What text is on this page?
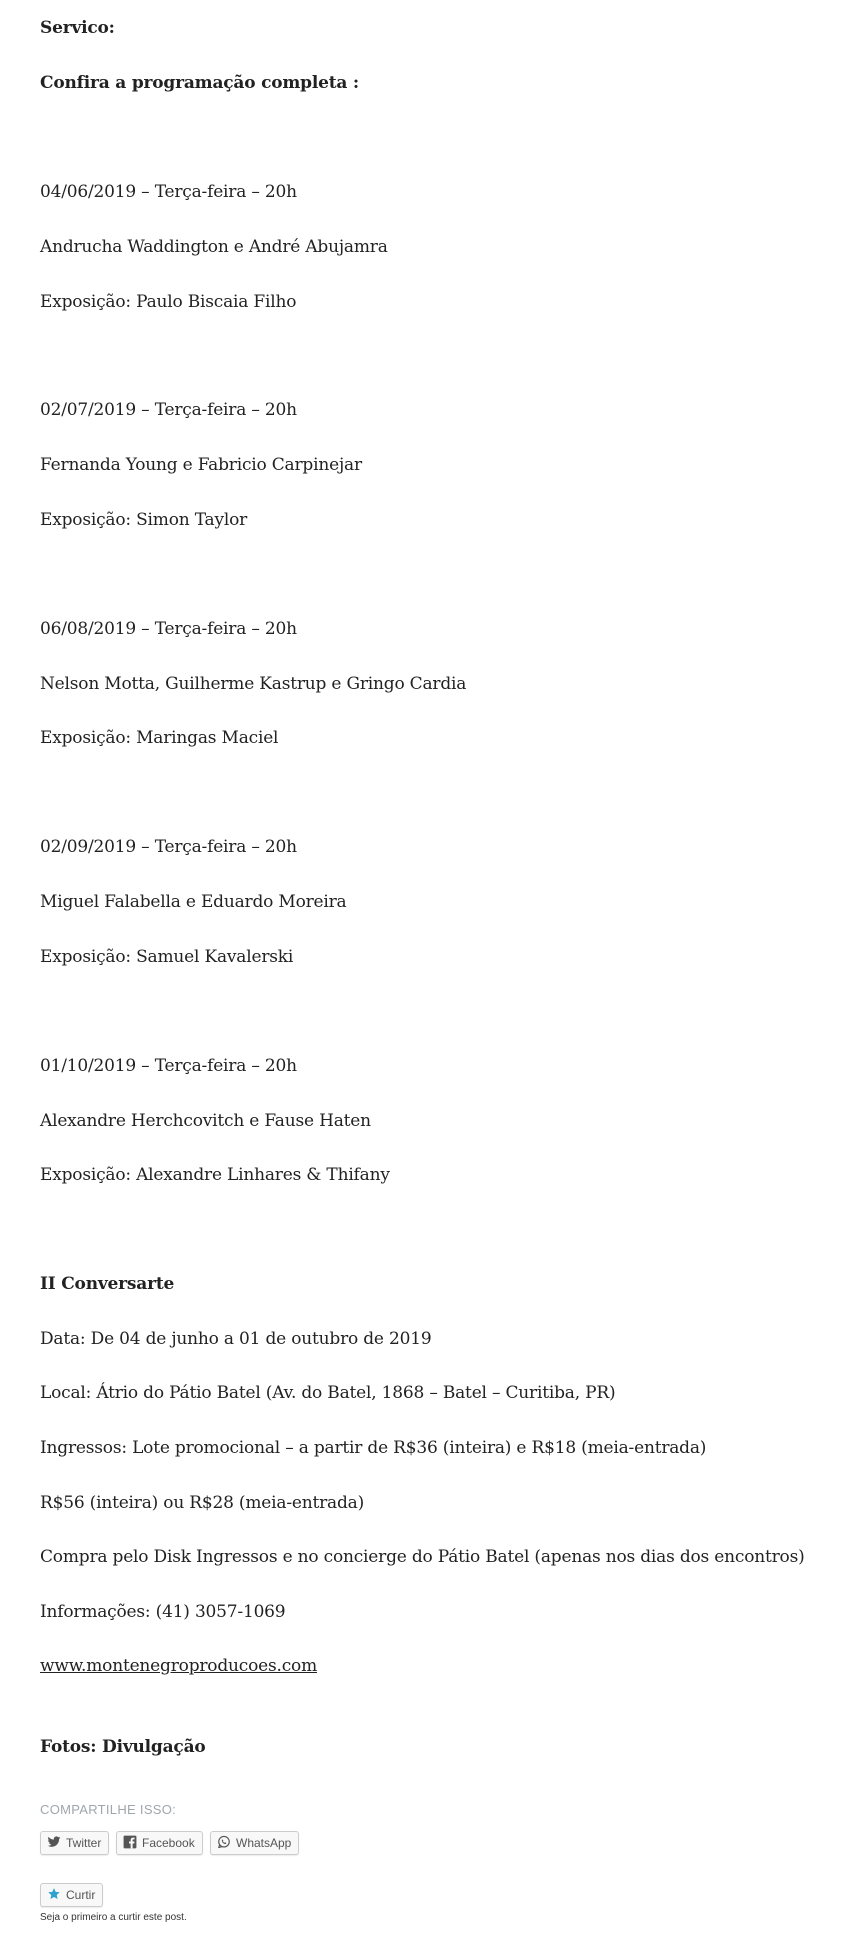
Servico:

Confira a programação completa :

04/06/2019 – Terça-feira – 20h

Andrucha Waddington e André Abujamra

Exposição: Paulo Biscaia Filho

02/07/2019 – Terça-feira – 20h

Fernanda Young e Fabricio Carpinejar

Exposição: Simon Taylor

06/08/2019 – Terça-feira – 20h

Nelson Motta, Guilherme Kastrup e Gringo Cardia

Exposição: Maringas Maciel

02/09/2019 – Terça-feira – 20h

Miguel Falabella e Eduardo Moreira

Exposição: Samuel Kavalerski

01/10/2019 – Terça-feira – 20h

Alexandre Herchcovitch e Fause Haten

Exposição: Alexandre Linhares & Thifany

II Conversarte

Data: De 04 de junho a 01 de outubro de 2019

Local: Átrio do Pátio Batel (Av. do Batel, 1868 – Batel – Curitiba, PR)

Ingressos: Lote promocional – a partir de R$36 (inteira) e R$18 (meia-entrada)

R$56 (inteira) ou R$28 (meia-entrada)

Compra pelo Disk Ingressos e no concierge do Pátio Batel (apenas nos dias dos encontros)

Informações: (41) 3057-1069

www.montenegroproducoes.com

Fotos: Divulgação

COMPARTILHE ISSO:
Twitter	Facebook	WhatsApp
Curtir
Seja o primeiro a curtir este post.
